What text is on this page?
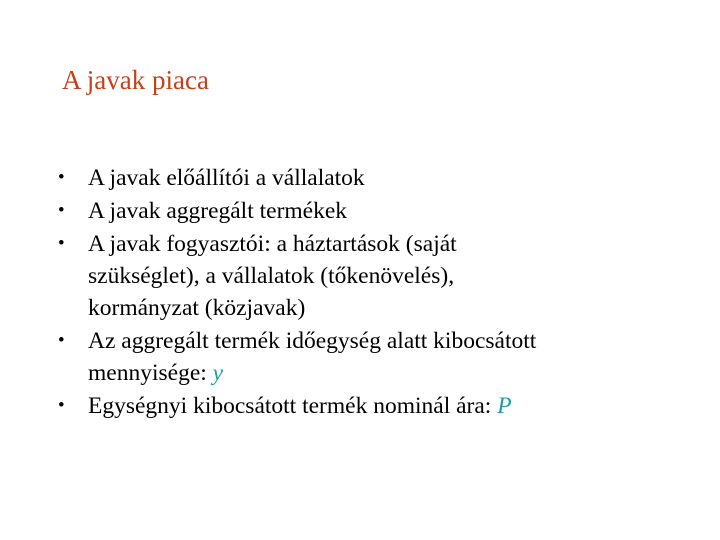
A javak piaca
• A javak előállítói a vállalatok
• A javak aggregált termékek
• A javak fogyasztói: a háztartások (saját
szükséglet), a vállalatok (tőkenövelés),
kormányzat (közjavak)
• Az aggregált termék időegység alatt kibocsátott
mennyisége: y
• Egységnyi kibocsátott termék nominál ára: P
